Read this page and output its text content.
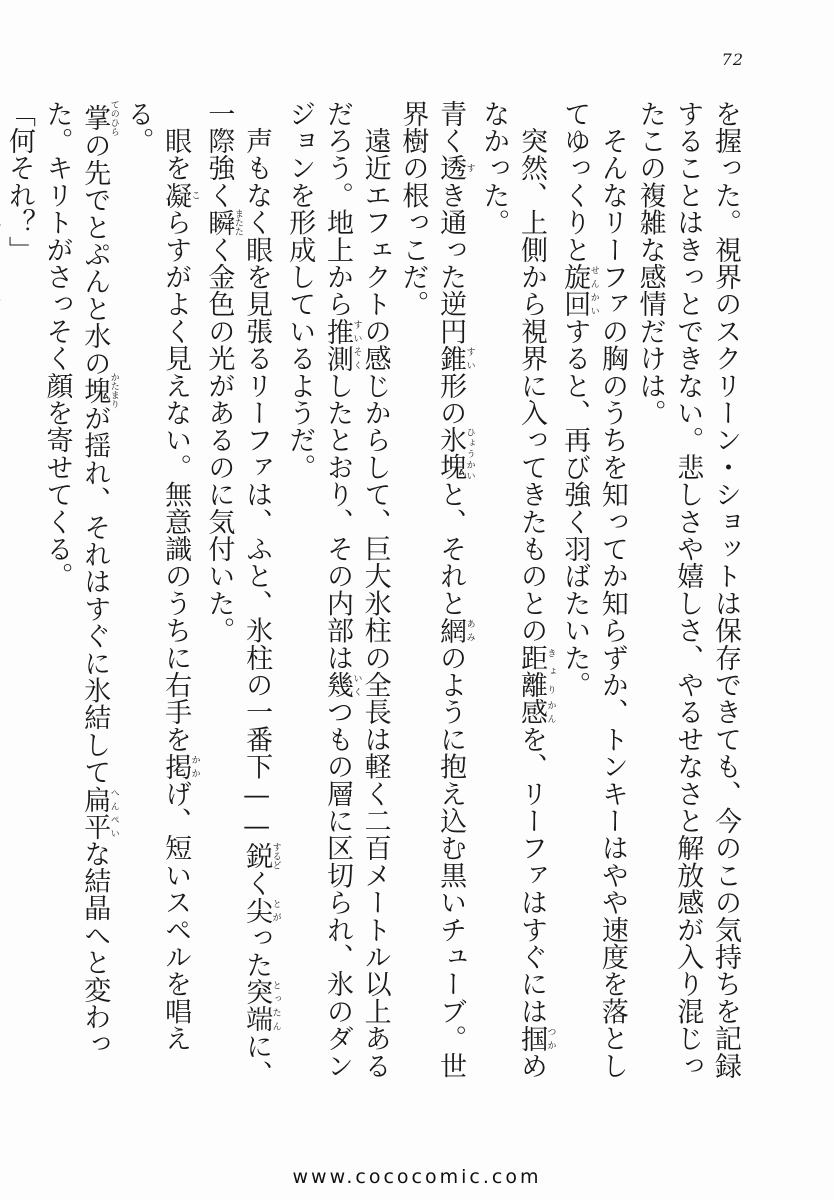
72

を握った。視界のスクリーン・ショットは保存できても、今のこの気持ちを記録することはきっとできない。悲しさや嬉しさ、やるせなさと解放感が入り混じったこの複雑な感情だけは。

　そんなリーファの胸のうちを知ってか知らずか、トンキーはやや速度を落としてゆっくりと旋回せんかいすると、再び強く羽ばたいた。

　突然、上側から視界に入ってきたものとの距離きょり感かんを、リーファはすぐには掴つかめなかった。

青く透すき通った逆円錐すい形の氷塊ひょうかいと、それと網あみのように抱え込む黒いチューブ。世界樹の根っこだ。

　遠近エフェクトの感じからして、巨大氷柱の全長は軽く二百メートル以上あるだろう。地上から推測すいそくしたとおり、その内部は幾いくつもの層に区切られ、氷のダンジョンを形成しているようだ。

　声もなく眼を見張るリーファは、ふと、氷柱の一番下——鋭するどく尖とがった突端とったんに、一際強く瞬またたく金色の光があるのに気付いた。

　眼を凝こらすがよく見えない。無意識のうちに右手を掲かかげ、短いスペルを唱える。

掌てのひらの先でとぷんと水の塊かたまりが揺れ、それはすぐに氷結して扁平へんぺいな結晶へと変わった。キリトがさっそく顔を寄せてくる。

「何それ？」

www.cococomic.com
